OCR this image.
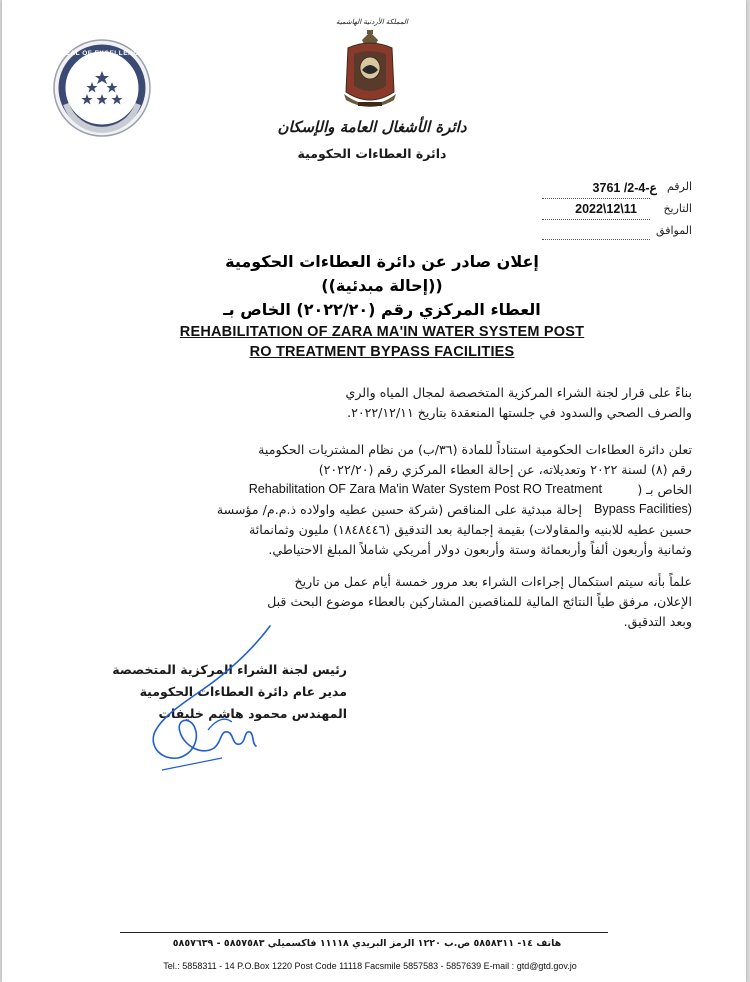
SEAL OF EXCELLENCE
المملكة الأردنية الهاشمية
دائرة الأشغال العامة والإسكان
دائرة العطاءات الحكومية
الرقم
3761 /2-4-ع
التاريخ
2022\12\11
الموافق
إعلان صادر عن دائرة العطاءات الحكومية
((إحالة مبدئية))
العطاء المركزي رقم (٢٠٢٢/٢٠) الخاص بـ
REHABILITATION OF ZARA MA'IN WATER SYSTEM POST
RO TREATMENT BYPASS FACILITIES
بناءً على قرار لجنة الشراء المركزية المتخصصة لمجال المياه والري
والصرف الصحي والسدود في جلستها المنعقدة بتاريخ ٢٠٢٢/١٢/١١.
تعلن دائرة العطاءات الحكومية استناداً للمادة (٣٦/ب) من نظام المشتريات الحكومية
رقم (٨) لسنة ٢٠٢٢ وتعديلاته، عن إحالة العطاء المركزي رقم (٢٠٢٢/٢٠)
الخاص بـ (
Rehabilitation OF Zara Ma'in Water System Post RO Treatment
Bypass Facilities)
إحالة مبدئية على المناقص (شركة حسين عطيه واولاده ذ.م.م/ مؤسسة
حسين عطيه للابنيه والمقاولات) بقيمة إجمالية بعد التدقيق (١٨٤٨٤٤٦) مليون وثمانمائة
وثمانية وأربعون ألفاً وأربعمائة وستة وأربعون دولار أمريكي شاملاً المبلغ الاحتياطي.
علماً بأنه سيتم استكمال إجراءات الشراء بعد مرور خمسة أيام عمل من تاريخ
الإعلان، مرفق طياً النتائج المالية للمناقصين المشاركين بالعطاء موضوع البحث قبل
وبعد التدقيق.
رئيس لجنة الشراء المركزية المتخصصة
مدير عام دائرة العطاءات الحكومية
المهندس محمود هاشم خليفات
هاتف ١٤- ٥٨٥٨٣١١ ص.ب ١٢٢٠ الرمز البريدي ١١١١٨ فاكسميلي ٥٨٥٧٥٨٣ - ٥٨٥٧٦٣٩
Tel.: 5858311 - 14 P.O.Box 1220 Post Code 11118 Facsmile 5857583 - 5857639 E-mail : gtd@gtd.gov.jo
